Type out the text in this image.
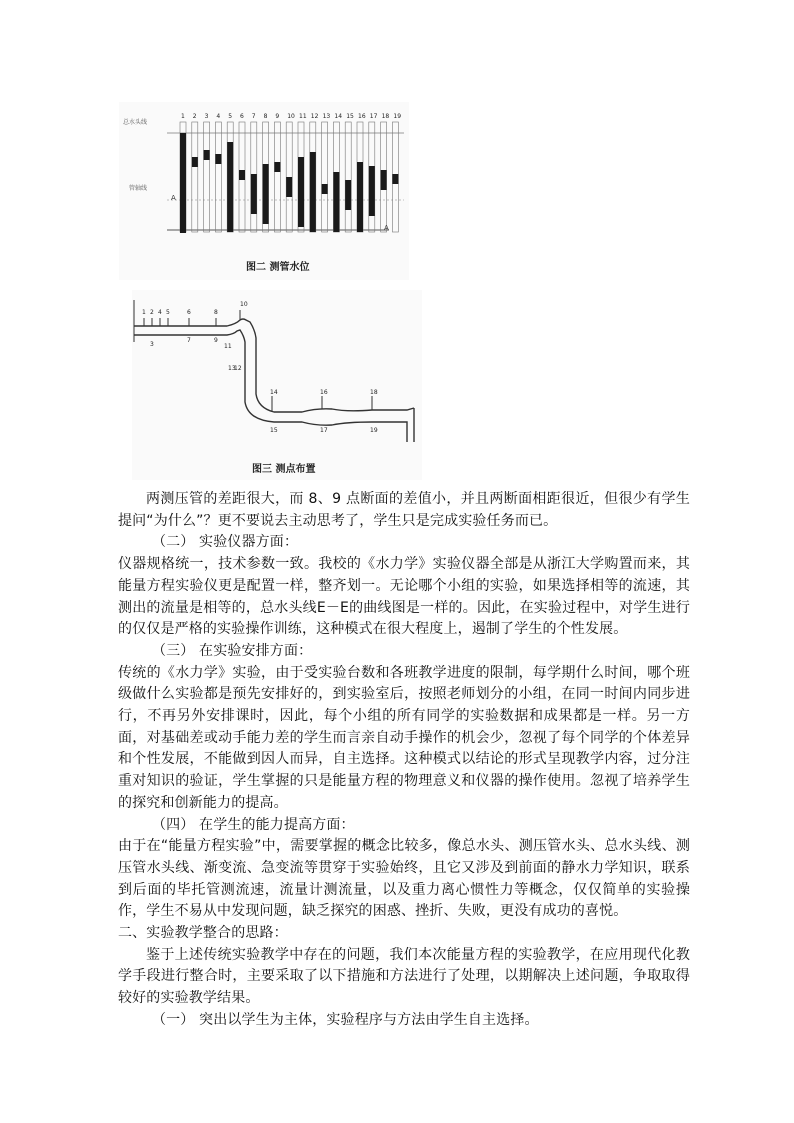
1 2 3 4 5 6 7 8 9 10 11 12 13 14 15 16 17 18 19
总水头线
管轴线
A
A
图二 测管水位
1 2 4 5	6	8
10
3
7	9
11
12
13
14
15
16
17
18
19
图三 测点布置

两测压管的差距很大，而 8、9 点断面的差值小，并且两断面相距很近，但很少有学生提问“为什么”？更不要说去主动思考了，学生只是完成实验任务而已。

（二） 实验仪器方面：

仪器规格统一，技术参数一致。我校的《水力学》实验仪器全部是从浙江大学购置而来，其能量方程实验仪更是配置一样，整齐划一。无论哪个小组的实验，如果选择相等的流速，其测出的流量是相等的，总水头线E－E的曲线图是一样的。因此，在实验过程中，对学生进行的仅仅是严格的实验操作训练，这种模式在很大程度上，遏制了学生的个性发展。

（三） 在实验安排方面：

传统的《水力学》实验，由于受实验台数和各班教学进度的限制，每学期什么时间，哪个班级做什么实验都是预先安排好的，到实验室后，按照老师划分的小组，在同一时间内同步进行，不再另外安排课时，因此，每个小组的所有同学的实验数据和成果都是一样。另一方面，对基础差或动手能力差的学生而言亲自动手操作的机会少，忽视了每个同学的个体差异和个性发展，不能做到因人而异，自主选择。这种模式以结论的形式呈现教学内容，过分注重对知识的验证，学生掌握的只是能量方程的物理意义和仪器的操作使用。忽视了培养学生的探究和创新能力的提高。

（四） 在学生的能力提高方面：

由于在“能量方程实验”中，需要掌握的概念比较多，像总水头、测压管水头、总水头线、测压管水头线、渐变流、急变流等贯穿于实验始终，且它又涉及到前面的静水力学知识，联系到后面的毕托管测流速，流量计测流量，以及重力离心惯性力等概念，仅仅简单的实验操作，学生不易从中发现问题，缺乏探究的困惑、挫折、失败，更没有成功的喜悦。

二、实验教学整合的思路：

鉴于上述传统实验教学中存在的问题，我们本次能量方程的实验教学，在应用现代化教学手段进行整合时，主要采取了以下措施和方法进行了处理，以期解决上述问题，争取取得较好的实验教学结果。

（一） 突出以学生为主体，实验程序与方法由学生自主选择。
